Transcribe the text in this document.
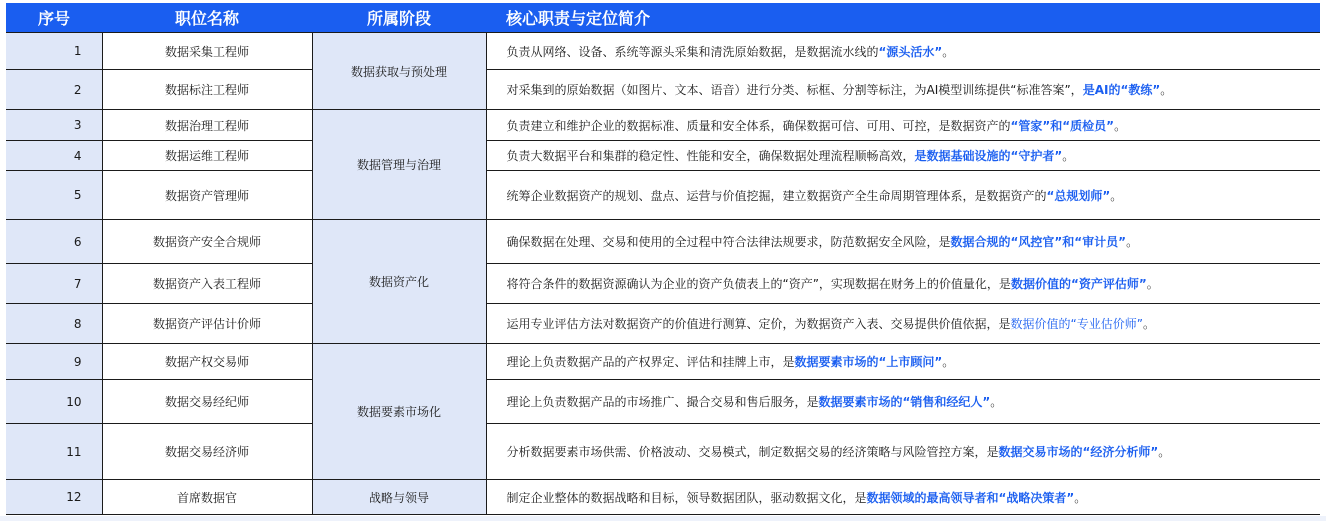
序号	职位名称	所属阶段	核心职责与定位简介
1	数据采集工程师	数据获取与预处理	负责从网络、设备、系统等源头采集和清洗原始数据，是数据流水线的“源头活水”。
2	数据标注工程师		对采集到的原始数据（如图片、文本、语音）进行分类、标框、分割等标注，为AI模型训练提供“标准答案”，是AI的“教练”。
3	数据治理工程师	数据管理与治理	负责建立和维护企业的数据标准、质量和安全体系，确保数据可信、可用、可控，是数据资产的“管家”和“质检员”。
4	数据运维工程师		负责大数据平台和集群的稳定性、性能和安全，确保数据处理流程顺畅高效，是数据基础设施的“守护者”。
5	数据资产管理师		统筹企业数据资产的规划、盘点、运营与价值挖掘，建立数据资产全生命周期管理体系，是数据资产的“总规划师”。
6	数据资产安全合规师	数据资产化	确保数据在处理、交易和使用的全过程中符合法律法规要求，防范数据安全风险，是数据合规的“风控官”和“审计员”。
7	数据资产入表工程师		将符合条件的数据资源确认为企业的资产负债表上的“资产”，实现数据在财务上的价值量化，是数据价值的“资产评估师”。
8	数据资产评估计价师		运用专业评估方法对数据资产的价值进行测算、定价，为数据资产入表、交易提供价值依据，是数据价值的“专业估价师”。
9	数据产权交易师	数据要素市场化	理论上负责数据产品的产权界定、评估和挂牌上市，是数据要素市场的“上市顾问”。
10	数据交易经纪师		理论上负责数据产品的市场推广、撮合交易和售后服务，是数据要素市场的“销售和经纪人”。
11	数据交易经济师		分析数据要素市场供需、价格波动、交易模式，制定数据交易的经济策略与风险管控方案，是数据交易市场的“经济分析师”。
12	首席数据官	战略与领导	制定企业整体的数据战略和目标，领导数据团队，驱动数据文化，是数据领域的最高领导者和“战略决策者”。
